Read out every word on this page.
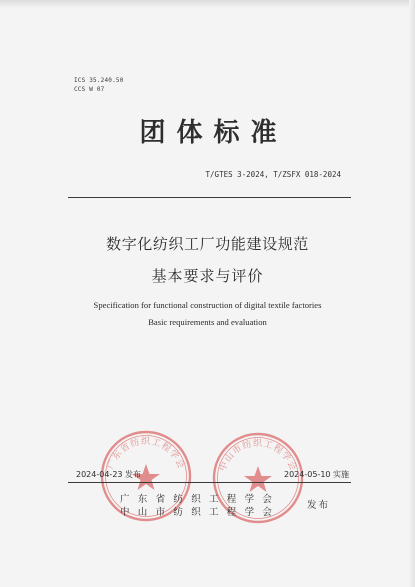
ICS 35.240.50
CCS W 07
团体标准
T/GTES 3-2024, T/ZSFX 018-2024
数字化纺织工厂功能建设规范
基本要求与评价
Specification for functional construction of digital textile factories
Basic requirements and evaluation
广东省纺织工程学会	中山市纺织工程学会
2024-04-23 发布	2024-05-10 实施
广东省纺织工程学会
中山市纺织工程学会
发布
